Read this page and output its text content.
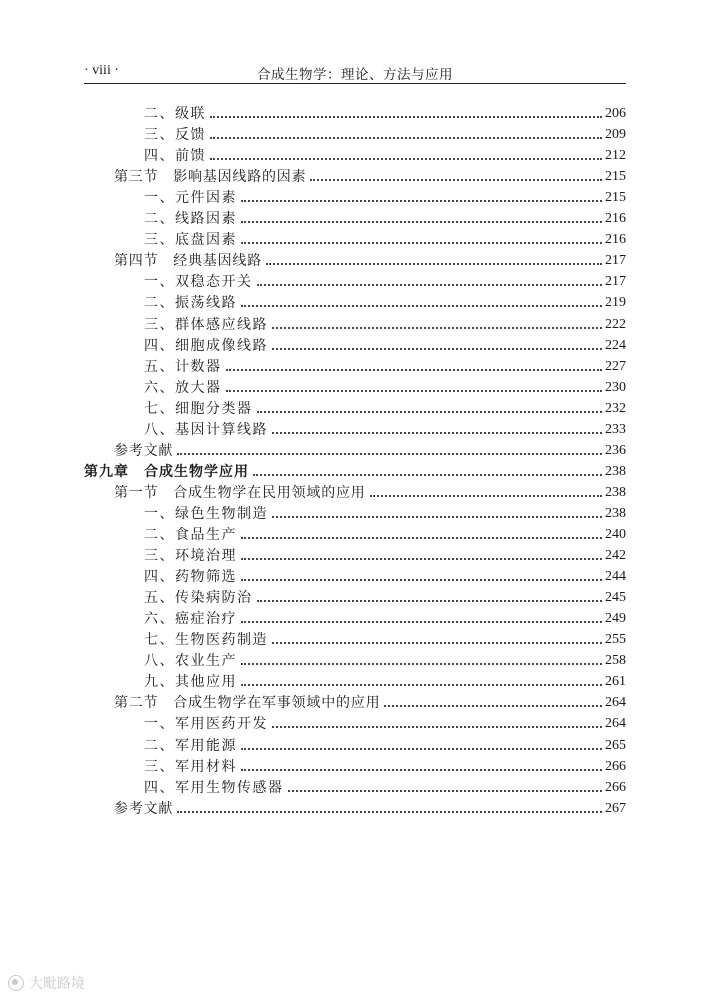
· viii ·	合成生物学：理论、方法与应用
二、级联	206
三、反馈	209
四、前馈	212
第三节　影响基因线路的因素	215
一、元件因素	215
二、线路因素	216
三、底盘因素	216
第四节　经典基因线路	217
一、双稳态开关	217
二、振荡线路	219
三、群体感应线路	222
四、细胞成像线路	224
五、计数器	227
六、放大器	230
七、细胞分类器	232
八、基因计算线路	233
参考文献	236
第九章　合成生物学应用	238
第一节　合成生物学在民用领域的应用	238
一、绿色生物制造	238
二、食品生产	240
三、环境治理	242
四、药物筛选	244
五、传染病防治	245
六、癌症治疗	249
七、生物医药制造	255
八、农业生产	258
九、其他应用	261
第二节　合成生物学在军事领域中的应用	264
一、军用医药开发	264
二、军用能源	265
三、军用材料	266
四、军用生物传感器	266
参考文献	267
大毗路境
